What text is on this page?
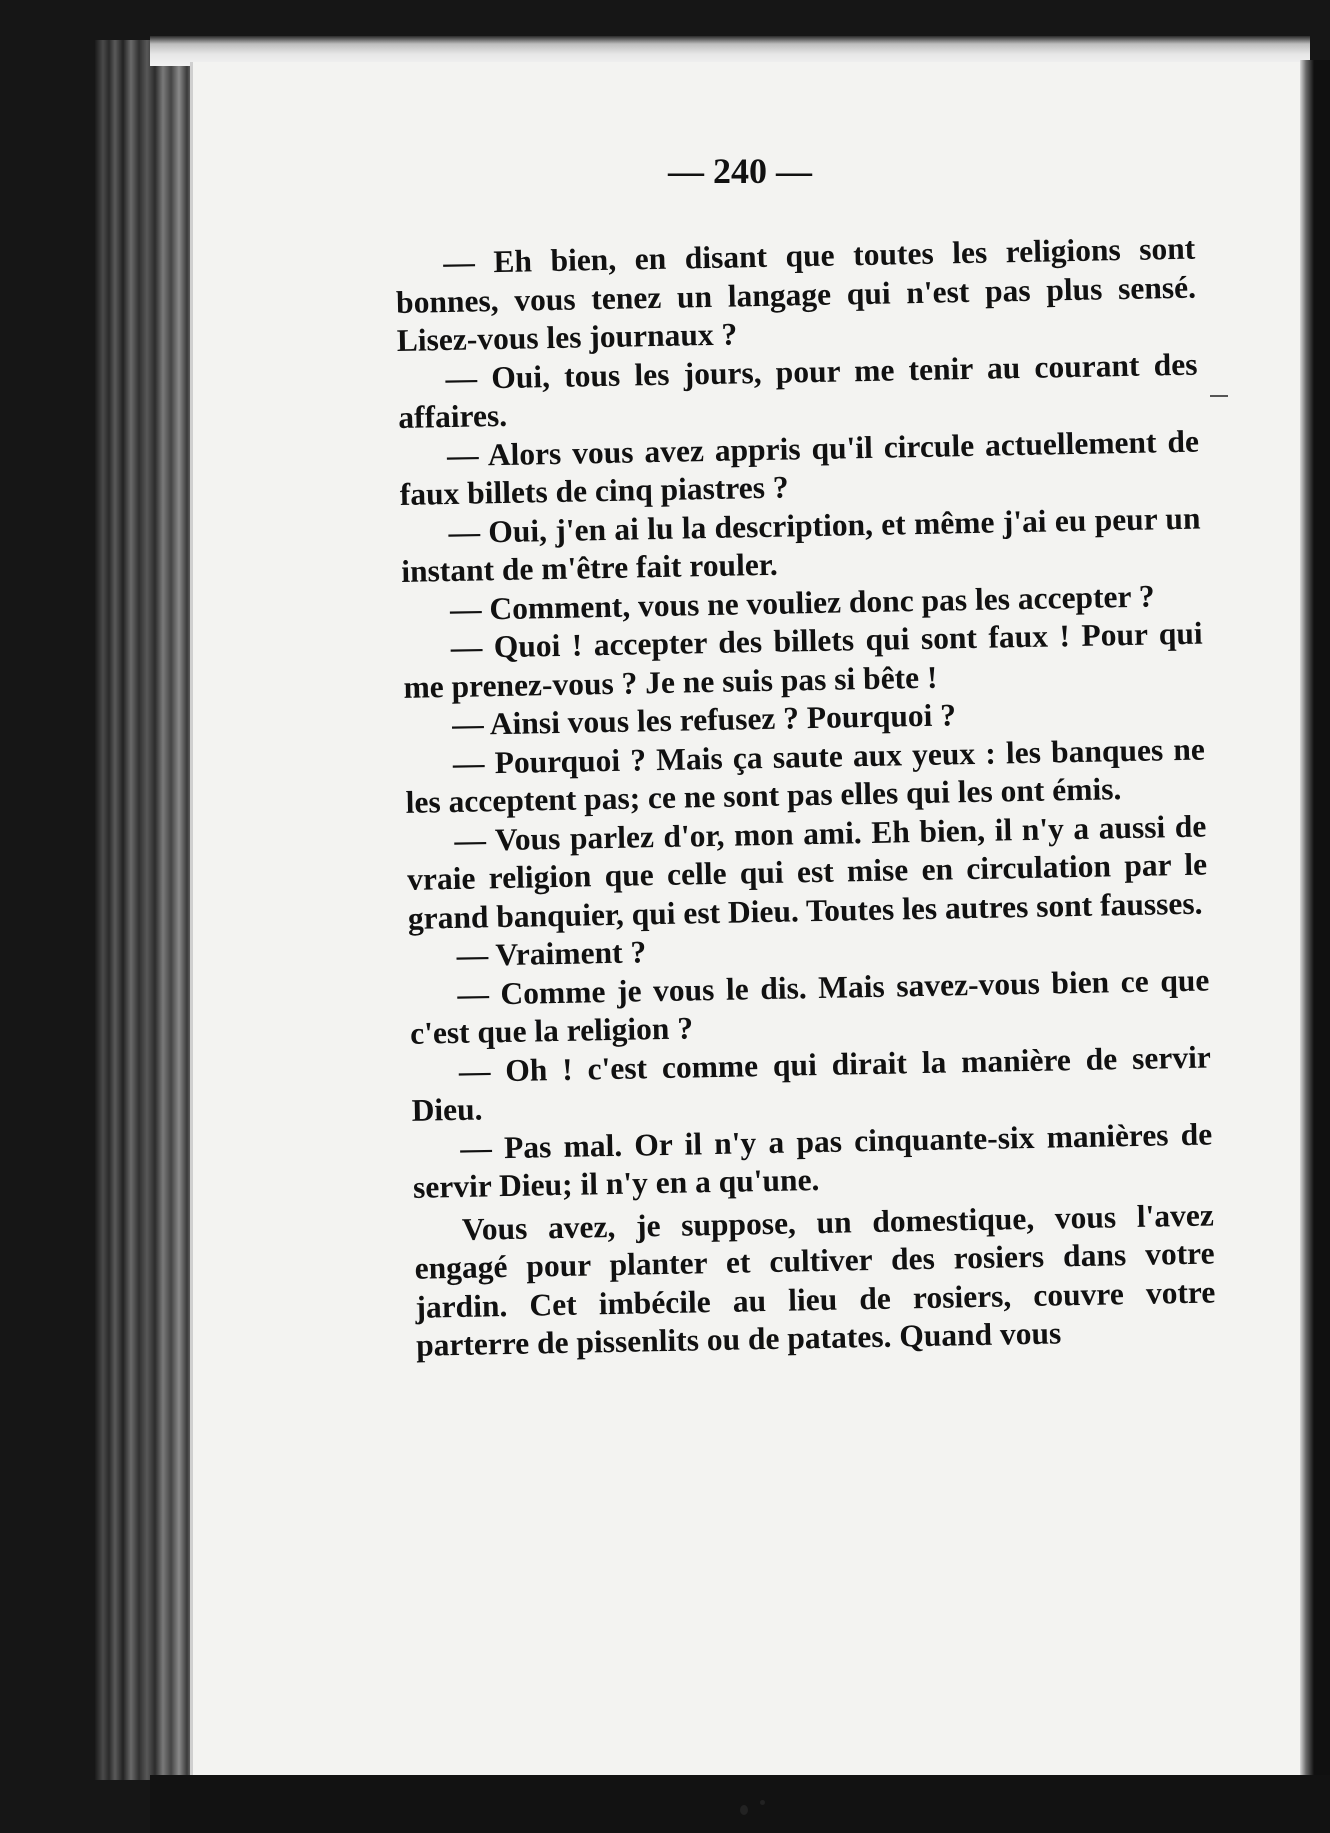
— 240 —

— Eh bien, en disant que toutes les religions sont bonnes, vous tenez un langage qui n'est pas plus sensé. Lisez-vous les journaux ?

— Oui, tous les jours, pour me tenir au courant des affaires.

— Alors vous avez appris qu'il circule actuellement de faux billets de cinq piastres ?

— Oui, j'en ai lu la description, et même j'ai eu peur un instant de m'être fait rouler.

— Comment, vous ne vouliez donc pas les accepter ?

— Quoi ! accepter des billets qui sont faux ! Pour qui me prenez-vous ? Je ne suis pas si bête !

— Ainsi vous les refusez ? Pourquoi ?

— Pourquoi ? Mais ça saute aux yeux : les banques ne les acceptent pas; ce ne sont pas elles qui les ont émis.

— Vous parlez d'or, mon ami. Eh bien, il n'y a aussi de vraie religion que celle qui est mise en circulation par le grand banquier, qui est Dieu. Toutes les autres sont fausses.

— Vraiment ?

— Comme je vous le dis. Mais savez-vous bien ce que c'est que la religion ?

— Oh ! c'est comme qui dirait la manière de servir Dieu.

— Pas mal. Or il n'y a pas cinquante-six manières de servir Dieu; il n'y en a qu'une.

Vous avez, je suppose, un domestique, vous l'avez engagé pour planter et cultiver des rosiers dans votre jardin. Cet imbécile au lieu de rosiers, couvre votre parterre de pissenlits ou de patates. Quand vous
